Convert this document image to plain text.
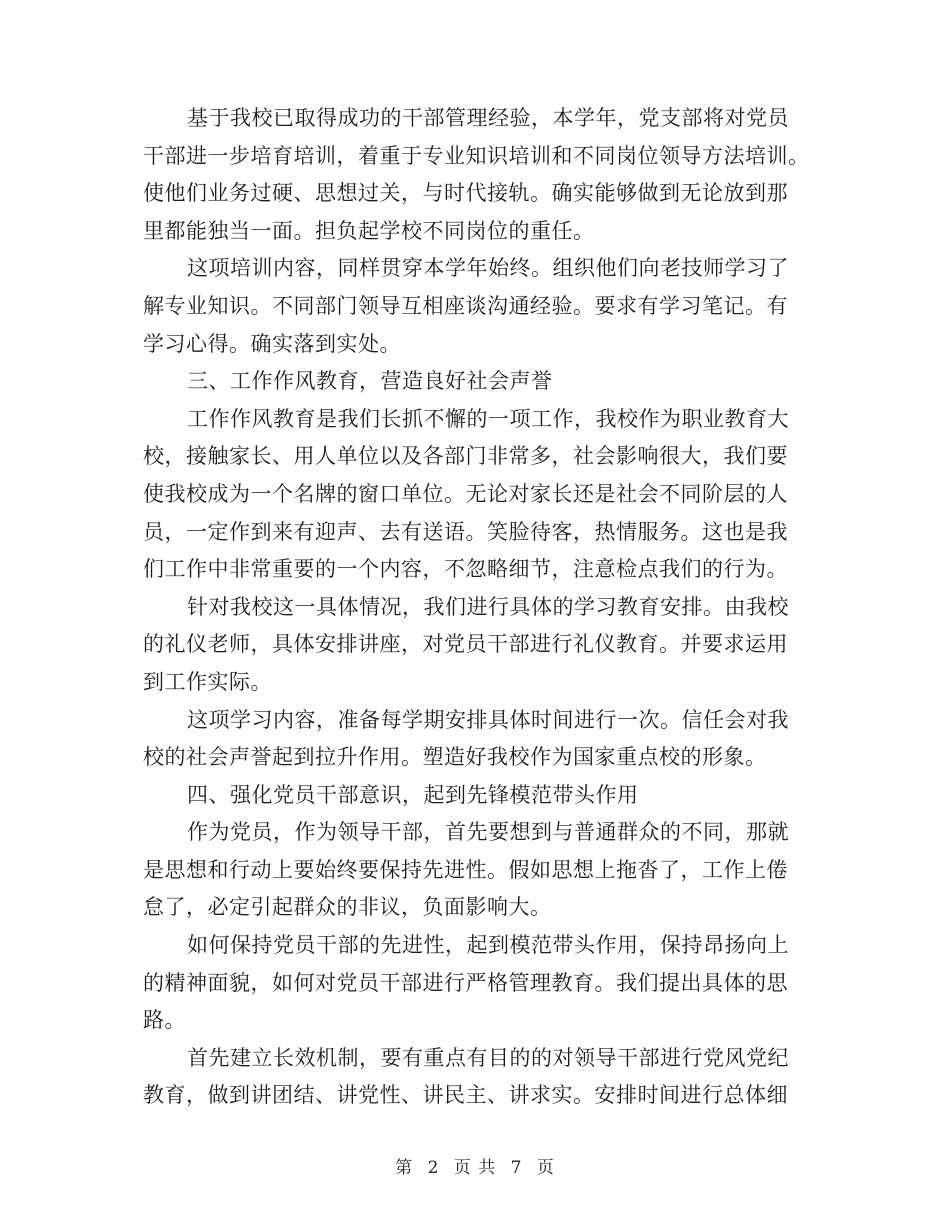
基于我校已取得成功的干部管理经验，本学年，党支部将对党员
干部进一步培育培训，着重于专业知识培训和不同岗位领导方法培训。
使他们业务过硬、思想过关，与时代接轨。确实能够做到无论放到那
里都能独当一面。担负起学校不同岗位的重任。
这项培训内容，同样贯穿本学年始终。组织他们向老技师学习了
解专业知识。不同部门领导互相座谈沟通经验。要求有学习笔记。有
学习心得。确实落到实处。
三、工作作风教育，营造良好社会声誉
工作作风教育是我们长抓不懈的一项工作，我校作为职业教育大
校，接触家长、用人单位以及各部门非常多，社会影响很大，我们要
使我校成为一个名牌的窗口单位。无论对家长还是社会不同阶层的人
员，一定作到来有迎声、去有送语。笑脸待客，热情服务。这也是我
们工作中非常重要的一个内容，不忽略细节，注意检点我们的行为。
针对我校这一具体情况，我们进行具体的学习教育安排。由我校
的礼仪老师，具体安排讲座，对党员干部进行礼仪教育。并要求运用
到工作实际。
这项学习内容，准备每学期安排具体时间进行一次。信任会对我
校的社会声誉起到拉升作用。塑造好我校作为国家重点校的形象。
四、强化党员干部意识，起到先锋模范带头作用
作为党员，作为领导干部，首先要想到与普通群众的不同，那就
是思想和行动上要始终要保持先进性。假如思想上拖沓了，工作上倦
怠了，必定引起群众的非议，负面影响大。
如何保持党员干部的先进性，起到模范带头作用，保持昂扬向上
的精神面貌，如何对党员干部进行严格管理教育。我们提出具体的思
路。
首先建立长效机制，要有重点有目的的对领导干部进行党风党纪
教育，做到讲团结、讲党性、讲民主、讲求实。安排时间进行总体细
第 2 页 共 7 页
